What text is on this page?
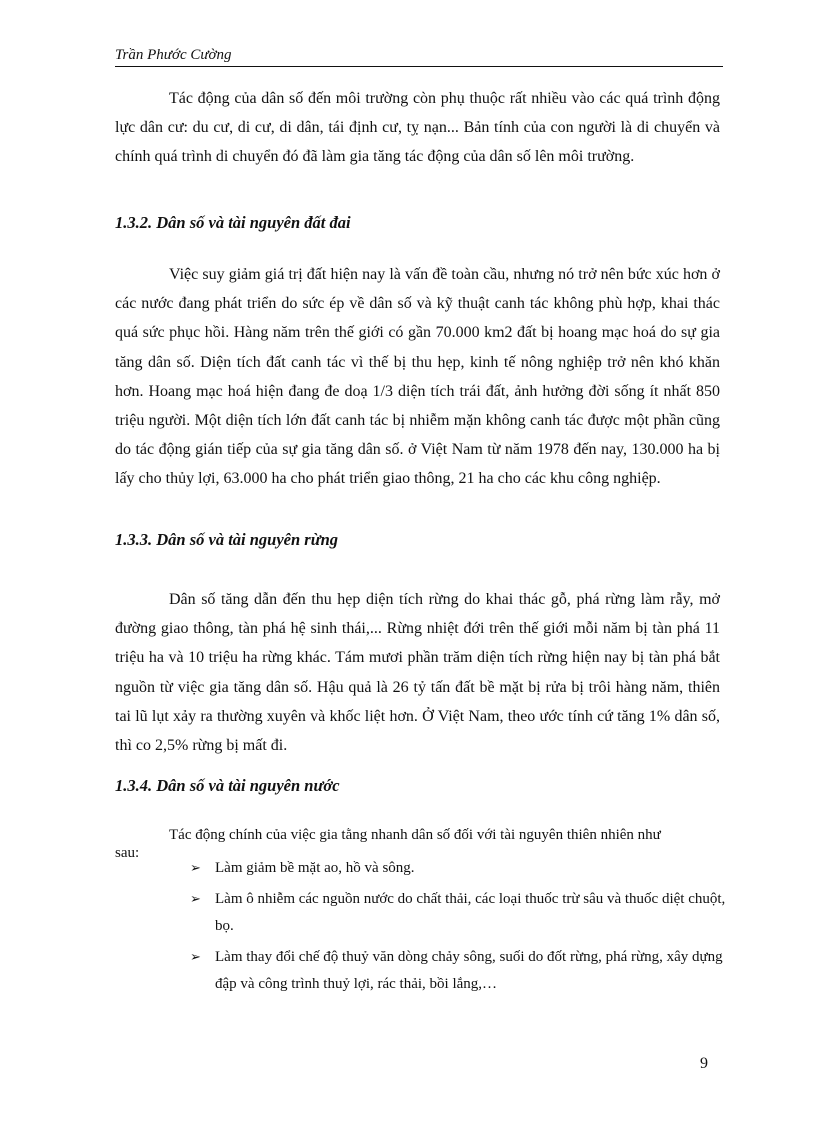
Trần Phước Cường

Tác động của dân số đến môi trường còn phụ thuộc rất nhiều vào các quá trình động lực dân cư: du cư, di cư, di dân, tái định cư, tỵ nạn... Bản tính của con người là di chuyển và chính quá trình di chuyển đó đã làm gia tăng tác động của dân số lên môi trường.

1.3.2. Dân số và tài nguyên đất đai

Việc suy giảm giá trị đất hiện nay là vấn đề toàn cầu, nhưng nó trở nên bức xúc hơn ở các nước đang phát triển do sức ép về dân số và kỹ thuật canh tác không phù hợp, khai thác quá sức phục hồi. Hàng năm trên thế giới có gần 70.000 km2 đất bị hoang mạc hoá do sự gia tăng dân số. Diện tích đất canh tác vì thế bị thu hẹp, kinh tế nông nghiệp trở nên khó khăn hơn. Hoang mạc hoá hiện đang đe doạ 1/3 diện tích trái đất, ảnh hưởng đời sống ít nhất 850 triệu người. Một diện tích lớn đất canh tác bị nhiễm mặn không canh tác được một phần cũng do tác động gián tiếp của sự gia tăng dân số. ở Việt Nam từ năm 1978 đến nay, 130.000 ha bị lấy cho thủy lợi, 63.000 ha cho phát triển giao thông, 21 ha cho các khu công nghiệp.

1.3.3. Dân số và tài nguyên rừng

Dân số tăng dẫn đến thu hẹp diện tích rừng do khai thác gỗ, phá rừng làm rẫy, mở đường giao thông, tàn phá hệ sinh thái,... Rừng nhiệt đới trên thế giới mỗi năm bị tàn phá 11 triệu ha và 10 triệu ha rừng khác. Tám mươi phần trăm diện tích rừng hiện nay bị tàn phá bắt nguồn từ việc gia tăng dân số. Hậu quả là 26 tỷ tấn đất bề mặt bị rửa bị trôi hàng năm, thiên tai lũ lụt xảy ra thường xuyên và khốc liệt hơn. Ở Việt Nam, theo ước tính cứ tăng 1% dân số, thì co 2,5% rừng bị mất đi.

1.3.4. Dân số và tài nguyên nước

Tác động chính của việc gia tằng nhanh dân số đối với tài nguyên thiên nhiên như

sau:

➢ Làm giảm bề mặt ao, hồ và sông.
➢ Làm ô nhiễm các nguồn nước do chất thải, các loại thuốc trừ sâu và thuốc diệt chuột, bọ.
➢ Làm thay đổi chế độ thuỷ văn dòng chảy sông, suối do đốt rừng, phá rừng, xây dựng đập và công trình thuỷ lợi, rác thải, bồi lắng,…
9
